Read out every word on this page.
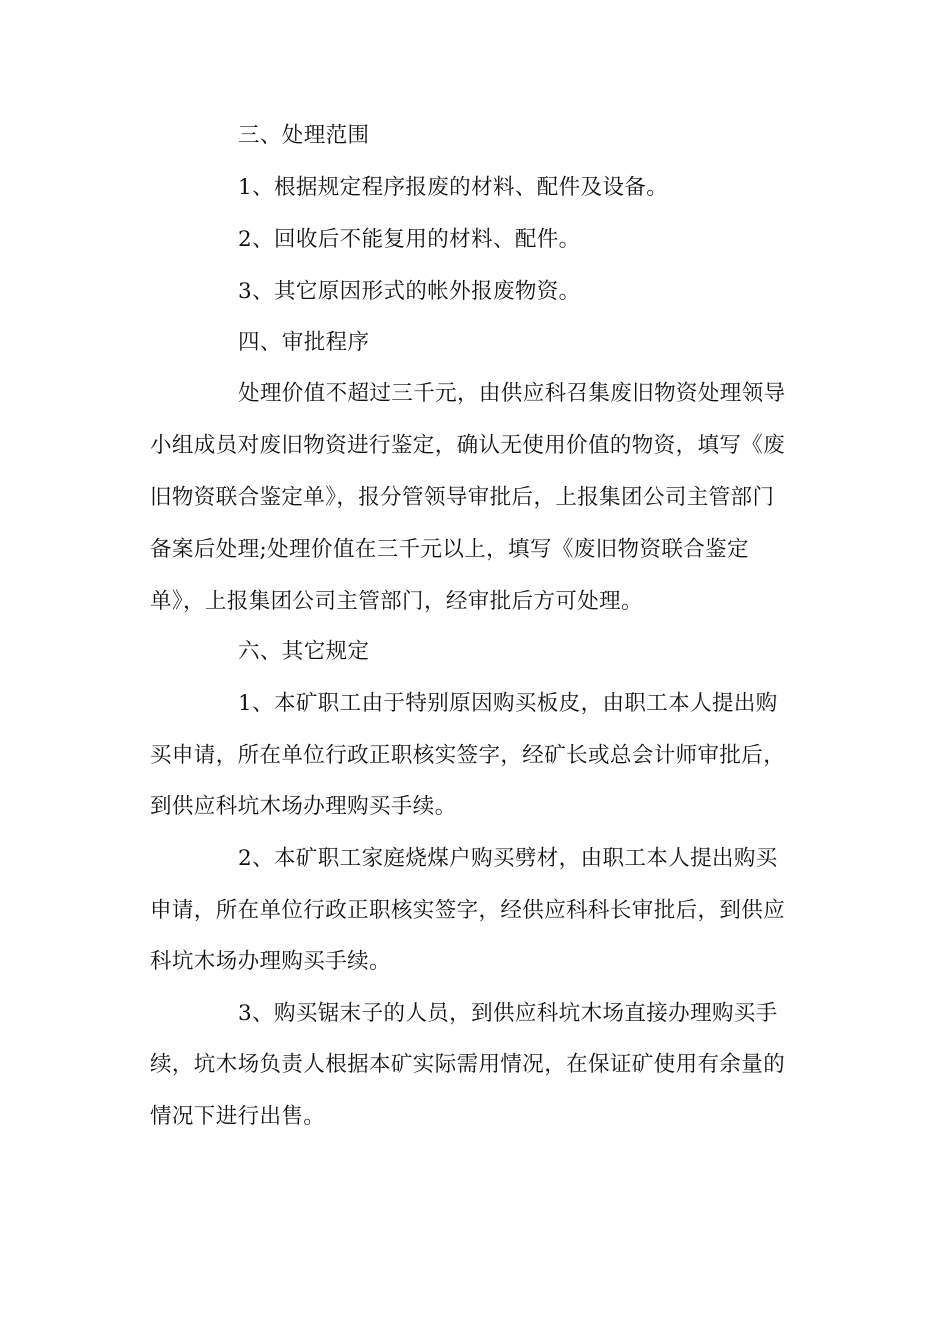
三、处理范围
1、根据规定程序报废的材料、配件及设备。
2、回收后不能复用的材料、配件。
3、其它原因形式的帐外报废物资。
四、审批程序
处理价值不超过三千元，由供应科召集废旧物资处理领导
小组成员对废旧物资进行鉴定，确认无使用价值的物资，填写《废
旧物资联合鉴定单》，报分管领导审批后，上报集团公司主管部门
备案后处理;处理价值在三千元以上，填写《废旧物资联合鉴定
单》，上报集团公司主管部门，经审批后方可处理。
六、其它规定
1、本矿职工由于特别原因购买板皮，由职工本人提出购
买申请，所在单位行政正职核实签字，经矿长或总会计师审批后，
到供应科坑木场办理购买手续。
2、本矿职工家庭烧煤户购买劈材，由职工本人提出购买
申请，所在单位行政正职核实签字，经供应科科长审批后，到供应
科坑木场办理购买手续。
3、购买锯末子的人员，到供应科坑木场直接办理购买手
续，坑木场负责人根据本矿实际需用情况，在保证矿使用有余量的
情况下进行出售。
